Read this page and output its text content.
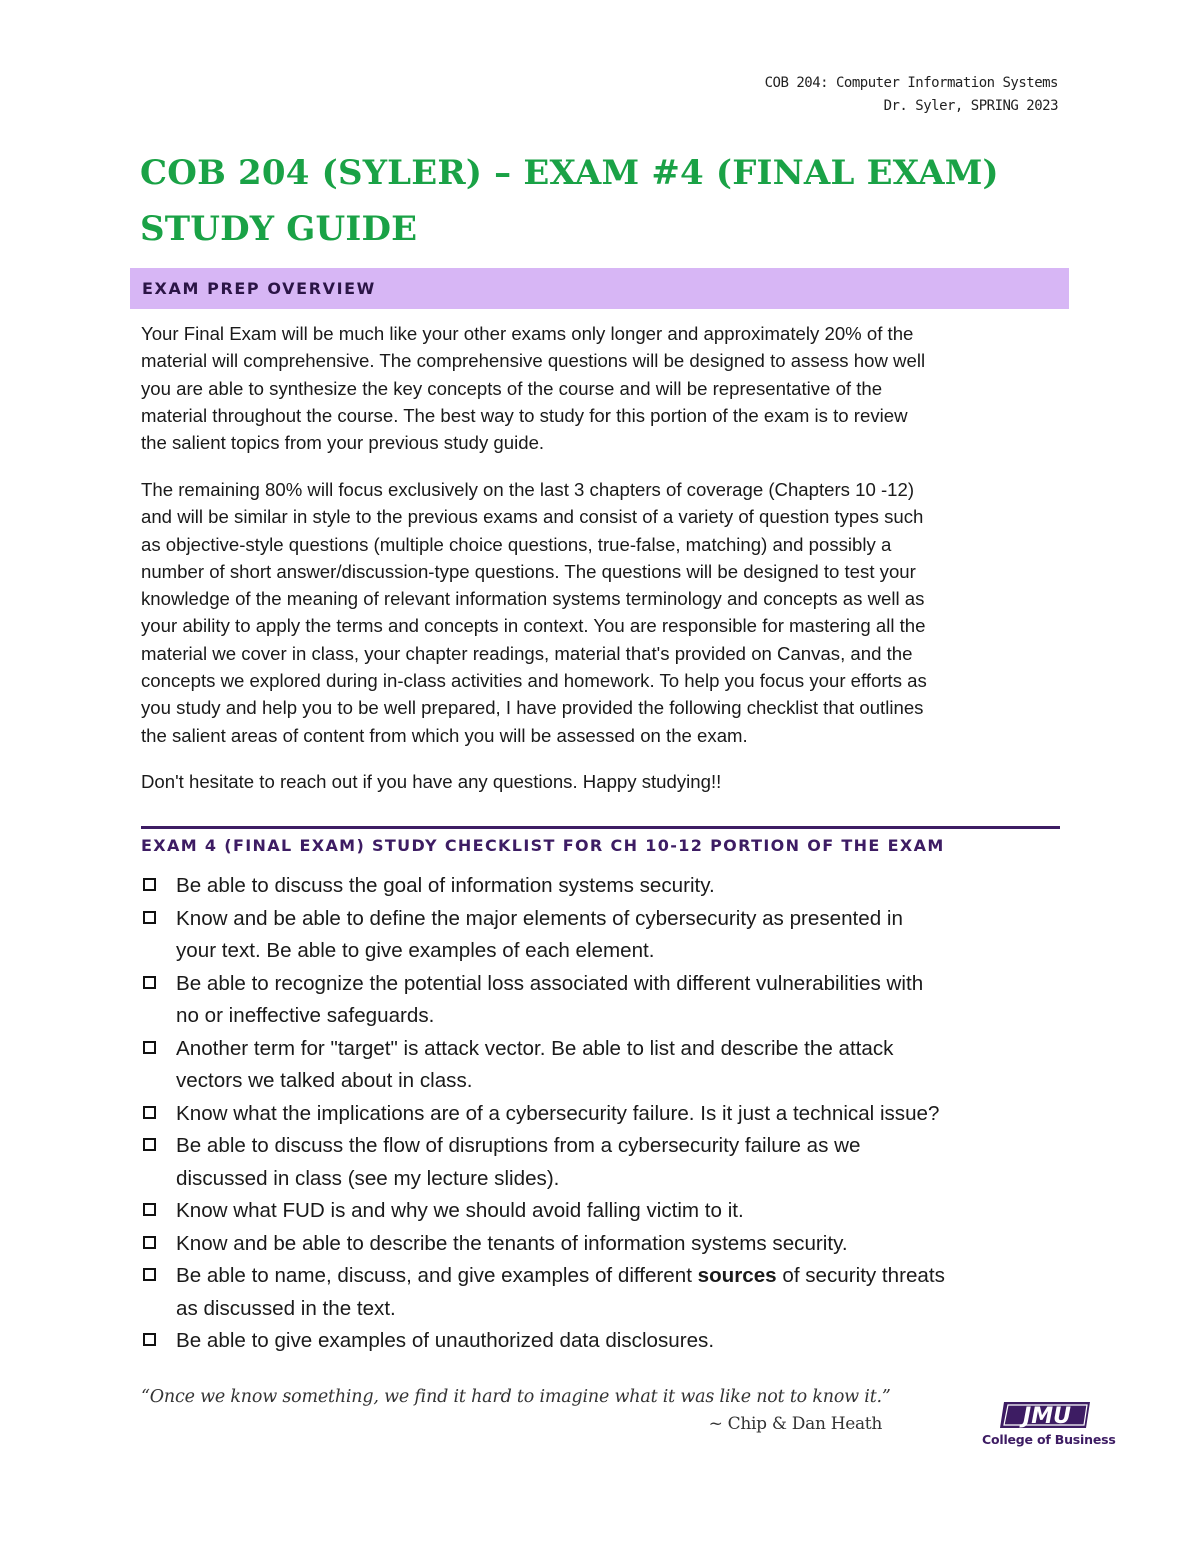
COB 204: Computer Information Systems
Dr. Syler, SPRING 2023
COB 204 (SYLER) – EXAM #4 (FINAL EXAM)
STUDY GUIDE
EXAM PREP OVERVIEW
Your Final Exam will be much like your other exams only longer and approximately 20% of the
material will comprehensive. The comprehensive questions will be designed to assess how well
you are able to synthesize the key concepts of the course and will be representative of the
material throughout the course. The best way to study for this portion of the exam is to review
the salient topics from your previous study guide.
The remaining 80% will focus exclusively on the last 3 chapters of coverage (Chapters 10 -12)
and will be similar in style to the previous exams and consist of a variety of question types such
as objective-style questions (multiple choice questions, true-false, matching) and possibly a
number of short answer/discussion-type questions. The questions will be designed to test your
knowledge of the meaning of relevant information systems terminology and concepts as well as
your ability to apply the terms and concepts in context. You are responsible for mastering all the
material we cover in class, your chapter readings, material that's provided on Canvas, and the
concepts we explored during in-class activities and homework. To help you focus your efforts as
you study and help you to be well prepared, I have provided the following checklist that outlines
the salient areas of content from which you will be assessed on the exam.
Don't hesitate to reach out if you have any questions. Happy studying!!
EXAM 4 (FINAL EXAM) STUDY CHECKLIST FOR CH 10-12 PORTION OF THE EXAM
Be able to discuss the goal of information systems security.
Know and be able to define the major elements of cybersecurity as presented in
your text. Be able to give examples of each element.
Be able to recognize the potential loss associated with different vulnerabilities with
no or ineffective safeguards.
Another term for "target" is attack vector. Be able to list and describe the attack
vectors we talked about in class.
Know what the implications are of a cybersecurity failure. Is it just a technical issue?
Be able to discuss the flow of disruptions from a cybersecurity failure as we
discussed in class (see my lecture slides).
Know what FUD is and why we should avoid falling victim to it.
Know and be able to describe the tenants of information systems security.
Be able to name, discuss, and give examples of different sources of security threats
as discussed in the text.
Be able to give examples of unauthorized data disclosures.
“Once we know something, we find it hard to imagine what it was like not to know it.”
~ Chip & Dan Heath	JMU
College of Business
